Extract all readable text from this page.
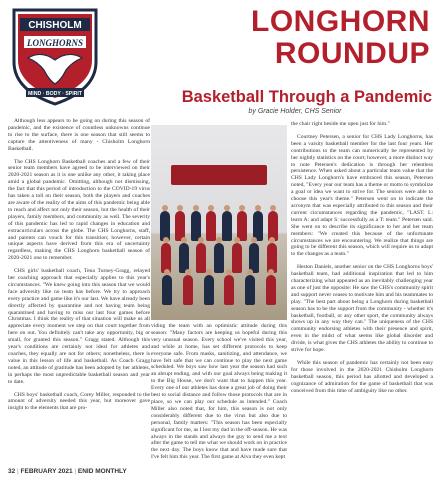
CHISHOLM
LONGHORNS
MIND · BODY · SPIRIT
LONGHORN
ROUNDUP
Basketball Through a Pandemic
by Gracie Holder, CHS Senior

Although less appears to be going on during this season of pandemic, and the existence of countless unknowns continue to rise to the surface, there is one season that still seems to capture the attentiveness of many - Chisholm Longhorn Basketball.

The CHS Longhorn Basketball coaches and a few of their senior team members have agreed to be interviewed on their 2020-2021 season as it is one unlike any other, it taking place amid a global pandemic. Omitting, although not dismissing, the fact that this period of introduction to the COVID-19 virus has taken a toll on their season, both the players and coaches are aware of the reality of the aims of this pandemic being able to reach and affect not only their season, but the health of their players, family members, and community as well. The severity of this pandemic has led to rapid changes in education and extracurriculars across the globe. The CHS Longhorns, staff, and parents can vouch for this transition; however, certain unique aspects have derived from this era of uncertainty regardless, making the CHS Longhorn basketball season of 2020-2021 one to remember.

CHS girls' basketball coach, Tena Turney-Gragg, relayed her coaching approach that especially applies to this year's circumstances. "We knew going into this season that we would face adversity like no team has before. We try to approach every practice and game like it's our last. We have already been directly affected by quarantine and not having team being quarantined and having to miss our last four games before Christmas. I think the reality of that situation will make us all appreciate every moment we step on that court together from here on out. You definitely can't take any opportunity, big or small, for granted this season." Gragg stated. Although this year's conditions are certainly not ideal for athletes and coaches, they equally are not for others; nonetheless, there is value in this lesson of life and basketball. As Coach Gragg noted, an attitude of gratitude has been adopted by her athletes, in perhaps the most unpredictable basketball season and year to date.

CHS boys' basketball coach, Corey Miller, responded to the amount of adversity needed this year, but moreover gave insight to the elements that are pro-

viding the team with an optimistic attitude during this season: "Many factors are keeping us hopeful during this very unusual season. Every school we've visited this year, and while at home, has set different protocols to keep everyone safe. From masks, sanitizing, and attendance, we have felt safe that we can continue to play the next game scheduled. We boys saw how last year the season had such an abrupt ending, and with our goal always being making it to the Big House, we don't want that to happen this year. Every one of our athletes has done a great job of doing their best to social distance and follow those protocols that are in place, so we can play our schedule as intended." Coach Miller also noted that, for him, this season is not only considerably different due to the virus but also due to personal, family matters: "This season has been especially significant for me, as I lost my dad in the off-season. He was always in the stands and always the guy to send me a text after the game to tell me what we should work on in practice the next day. The boys know that and have made sure that I've felt him this year. The first game at Alva they even kept

the chair right beside me open just for him."

Courtney Petersen, a senior for CHS Lady Longhorns, has been a varsity basketball member for the last four years. Her contributions to the team can numerically be represented by her nightly statistics on the court; however, a more distinct way to note Petersen's dedication is through her relentless persistence. When asked about a particular team value that the CHS Lady Longhorn's have embraced this season, Petersen noted, "Every year our team has a theme or motto to symbolize a goal or idea we want to strive for. The seniors were able to choose this year's theme." Petersen went on to indicate the acronym that was especially attributed to this season and their current circumstances regarding the pandemic, "LAST. L: learn A: and adapt S: successfully as a T: team." Petersen said. She went on to describe its significance to her and her team members: "We created this because of the unfortunate circumstances we are encountering. We realize that things are going to be different this season, which will require us to adapt to the changes as a team."

Heston Daniels, another senior on the CHS Longhorns boys' basketball team, had additional inspiration that led to him characterizing what appeared as an inevitably challenging year as one of just the opposite: He saw the CHS's community spirit and support never ceases to motivate him and his teammates to play. "The best part about being a Longhorn during basketball season has to be the support from the community - whether it's basketball, football, or any other sport, the community always shows up in any way they can." The uniqueness of the CHS community endorsing athletes with their presence and spirit, even in the midst of what seems like global disorder and divide, is what gives the CHS athletes the ability to continue to strive for hope.

While this season of pandemic has certainly not been easy for those involved in the 2020-2021 Chisholm Longhorn basketball season, this period has allotted and developed a cognizance of admiration for the game of basketball that was conceived from this time of ambiguity like no other.

32 | FEBRUARY 2021 | ENID MONTHLY
